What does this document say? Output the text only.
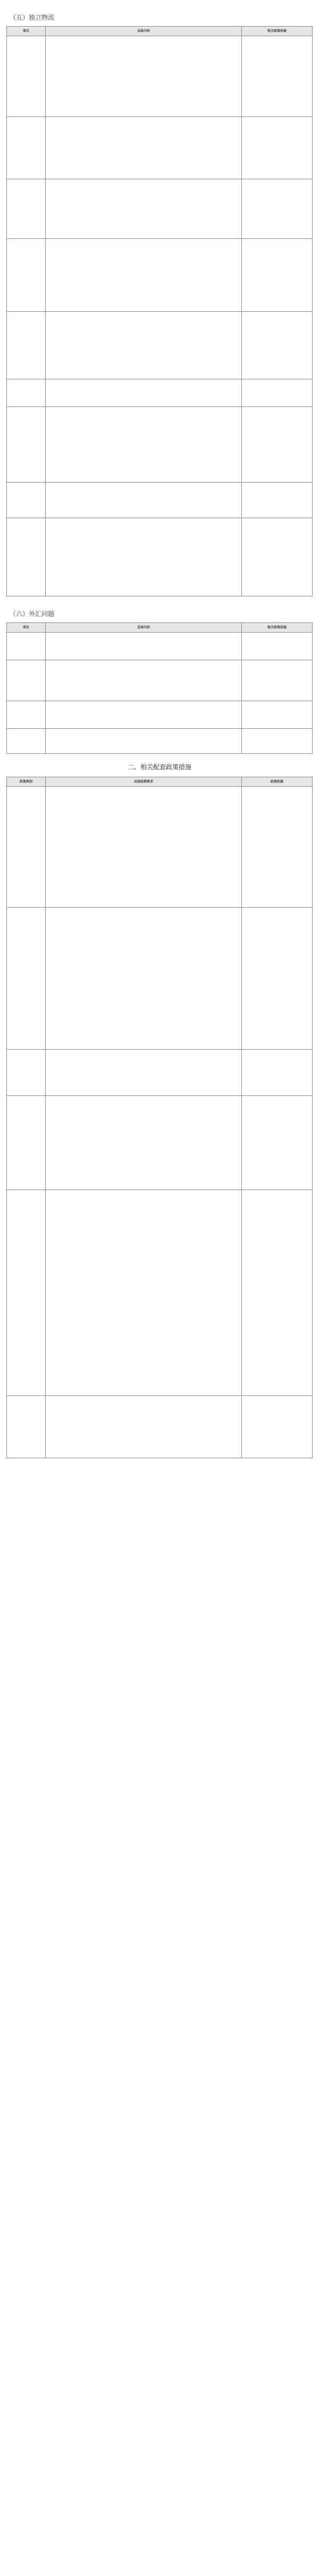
（五）独立物流
项目	具体内容	相关政策依据

（六）外汇问题
项目	具体内容	相关政策依据

二、相关配套政策措施
政策类别	具体政策要求	政策依据
